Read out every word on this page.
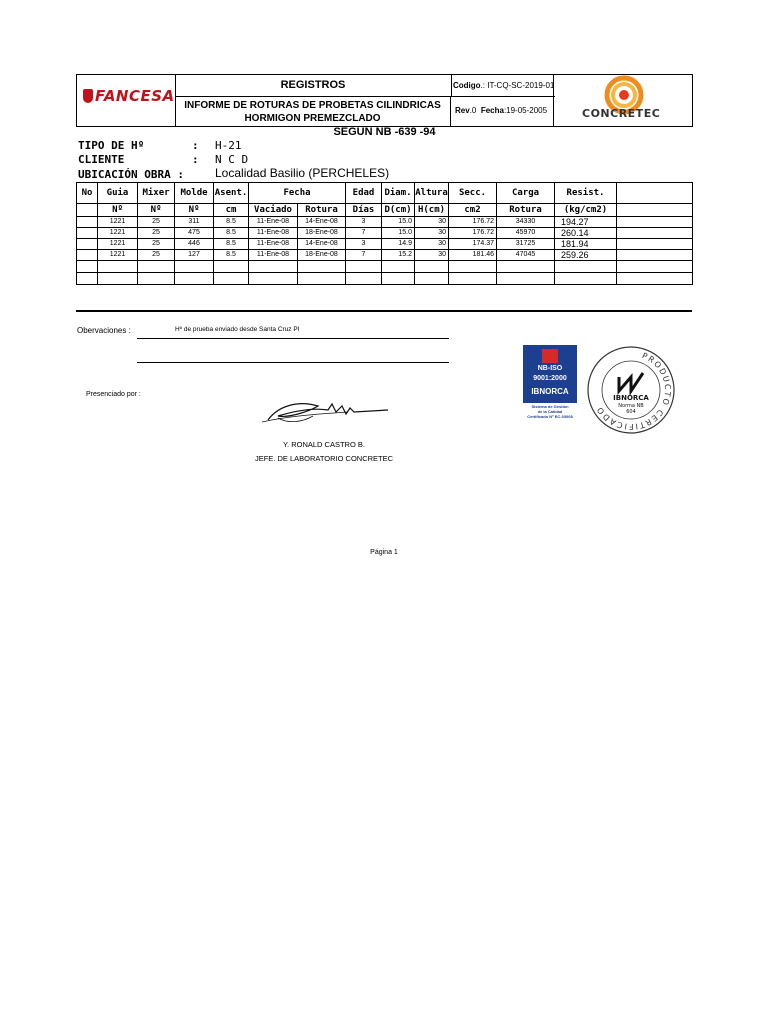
FANCESA
REGISTROS
INFORME DE ROTURAS DE PROBETAS CILINDRICAS
HORMIGON PREMEZCLADO
Codigo.: IT-CQ-SC-2019-01
Rev.0 Fecha:19-05-2005	CONCRETEC
SEGUN NB -639 -94
TIPO DE Hº	: H-21
CLIENTE	: N C D
UBICACIÓN OBRA :	Localidad Basilio (PERCHELES)
No	Guia	Mixer	Molde	Asent.	Fecha		Edad	Diam.	Altura	Secc.	Carga	Resist.	
	Nº	Nº	Nº	cm	Vaciado	Rotura	Días	D(cm)	H(cm)	cm2	Rotura	(kg/cm2)	
	1221	25	311	8.5	11-Ene-08	14-Ene-08	3	15.0	30	176.72	34330	194.27	
	1221	25	475	8.5	11-Ene-08	18-Ene-08	7	15.0	30	176.72	45970	260.14	
	1221	25	446	8.5	11-Ene-08	14-Ene-08	3	14.9	30	174.37	31725	181.94	
	1221	25	127	8.5	11-Ene-08	18-Ene-08	7	15.2	30	181.46	47045	259.26	

Obervaciones :	Hº de prueba enviado desde Santa Cruz PI
Presenciado por :
Y. RONALD CASTRO B.
JEFE. DE LABORATORIO CONCRETEC
NB-ISO
9001:2000
IBNORCA
Sistema de Gestión
de la Calidad
Certificado Nº EC-03008
PRODUCTO CERTIFICADO
IBNORCA
Norma NB
604
Página 1
